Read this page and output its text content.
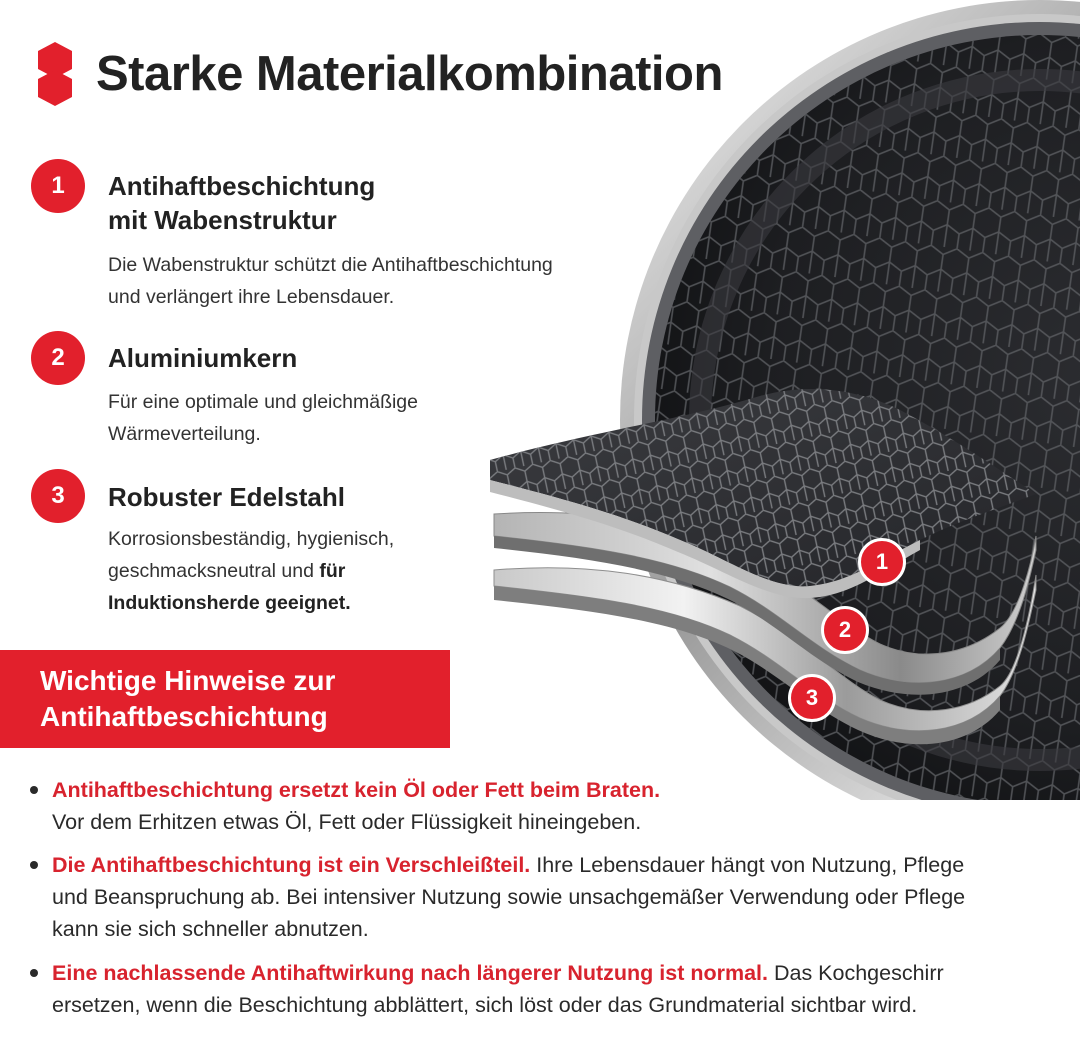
1
2
3
Starke Materialkombination
1 Antihaftbeschichtung
mit Wabenstruktur
Die Wabenstruktur schützt die Antihaftbeschichtung
und verlängert ihre Lebensdauer.
2 Aluminiumkern
Für eine optimale und gleichmäßige
Wärmeverteilung.
3 Robuster Edelstahl
Korrosionsbeständig, hygienisch,
geschmacksneutral und für
Induktionsherde geeignet.
Wichtige Hinweise zur
Antihaftbeschichtung
Antihaftbeschichtung ersetzt kein Öl oder Fett beim Braten.
Vor dem Erhitzen etwas Öl, Fett oder Flüssigkeit hineingeben.
Die Antihaftbeschichtung ist ein Verschleißteil. Ihre Lebensdauer hängt von Nutzung, Pflege und Beanspruchung ab. Bei intensiver Nutzung sowie unsachgemäßer Verwendung oder Pflege kann sie sich schneller abnutzen.
Eine nachlassende Antihaftwirkung nach längerer Nutzung ist normal. Das Kochgeschirr ersetzen, wenn die Beschichtung abblättert, sich löst oder das Grundmaterial sichtbar wird.
